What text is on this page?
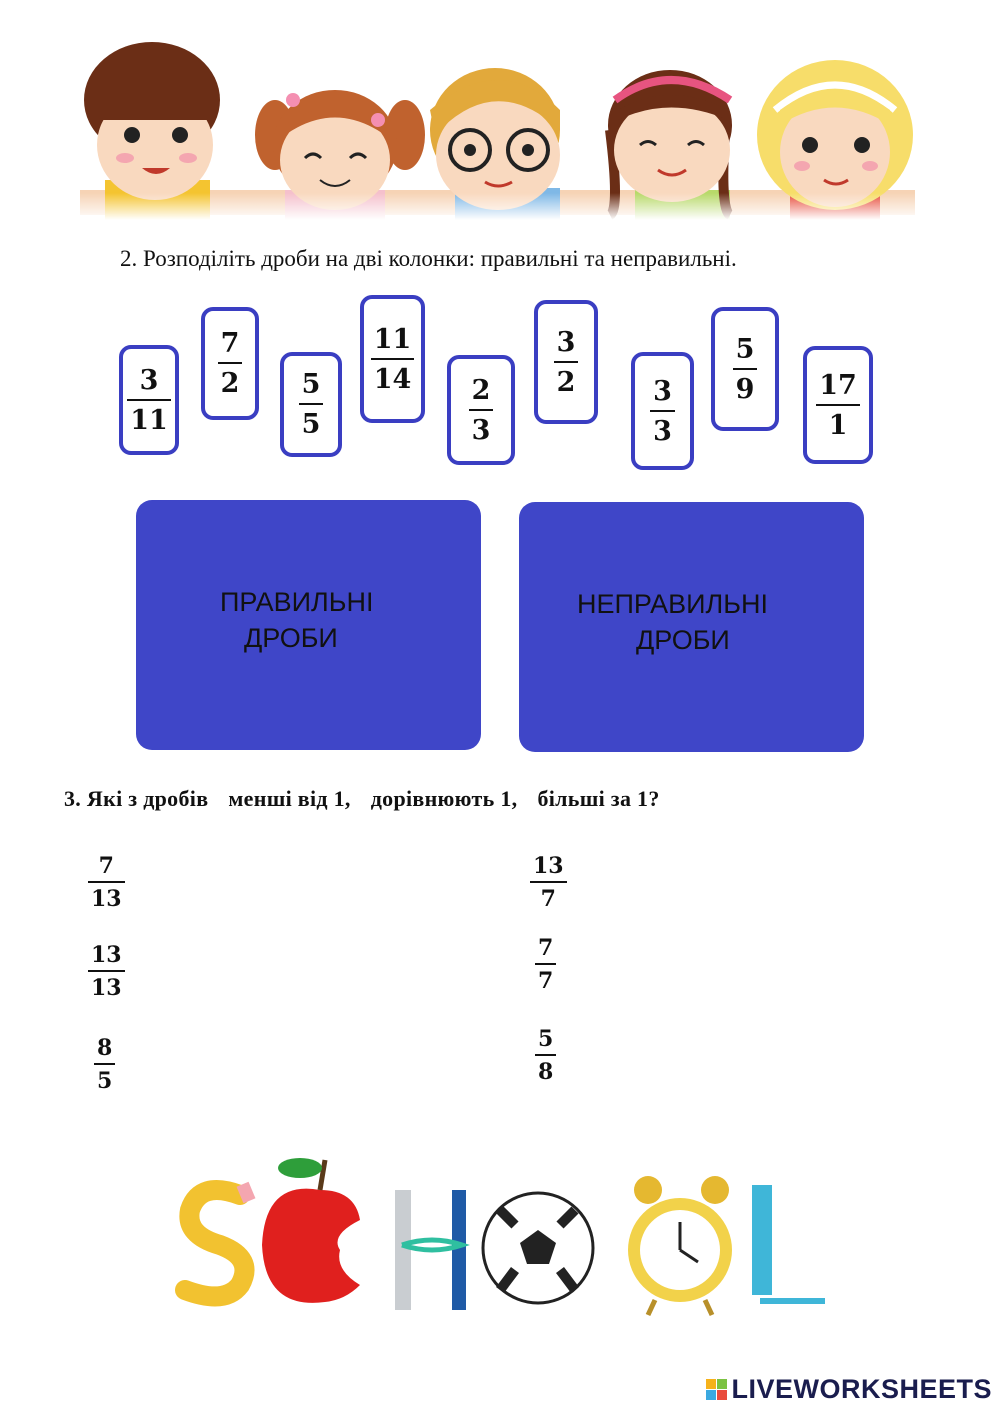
2. Розподіліть дроби на дві колонки: правильні та неправильні.
$\frac{3}{11}$
$\frac{7}{2}$
$\frac{5}{5}$
$\frac{11}{14}$
$\frac{2}{3}$
$\frac{3}{2}$
$\frac{3}{3}$
$\frac{5}{9}$
$\frac{17}{1}$
ПРАВИЛЬНІ
ДРОБИ
НЕПРАВИЛЬНІ
ДРОБИ
3. Які з дробів менші від 1, дорівнюють 1, більші за 1?
$\frac{7}{13}$
$\frac{13}{13}$
$\frac{8}{5}$
$\frac{13}{7}$
$\frac{7}{7}$
$\frac{5}{8}$
LIVEWORKSHEETS
